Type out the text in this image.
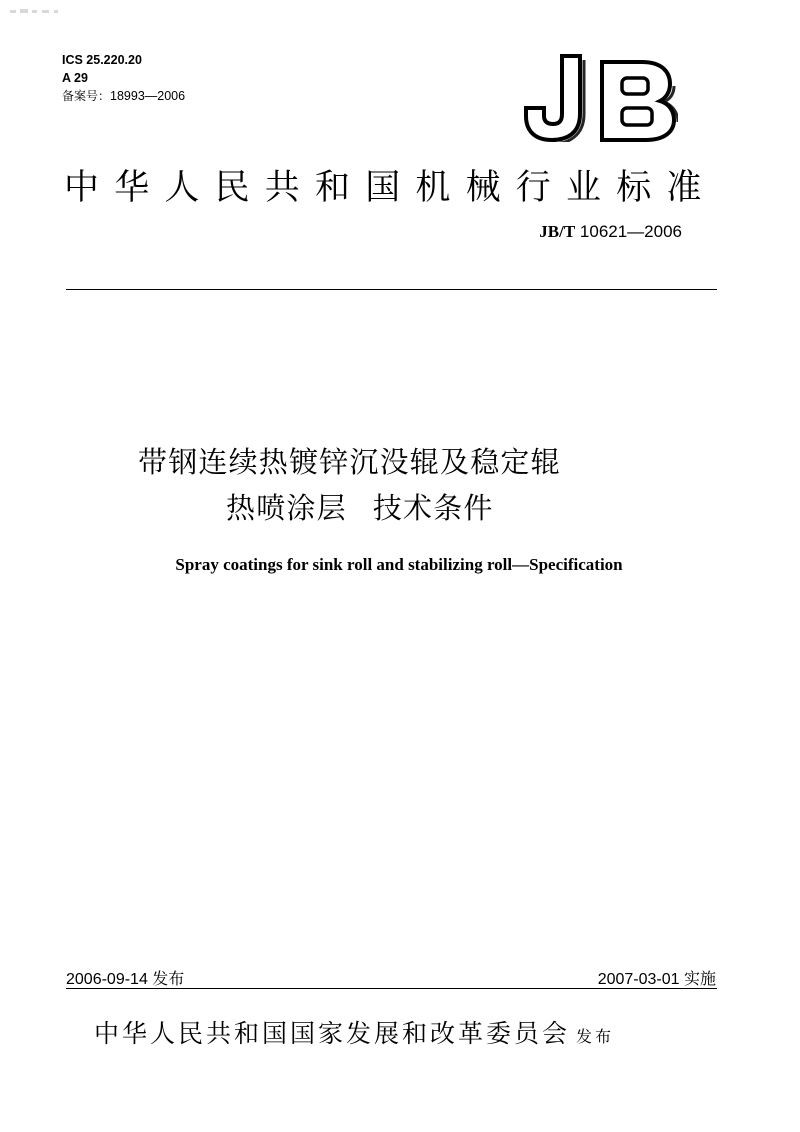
ICS 25.220.20
A 29
备案号：18993—2006
中华人民共和国机械行业标准
JB/T 10621—2006
带钢连续热镀锌沉没辊及稳定辊
热喷涂层 技术条件
Spray coatings for sink roll and stabilizing roll—Specification
2006-09-14 发布	2007-03-01 实施
中华人民共和国国家发展和改革委员会 发布
